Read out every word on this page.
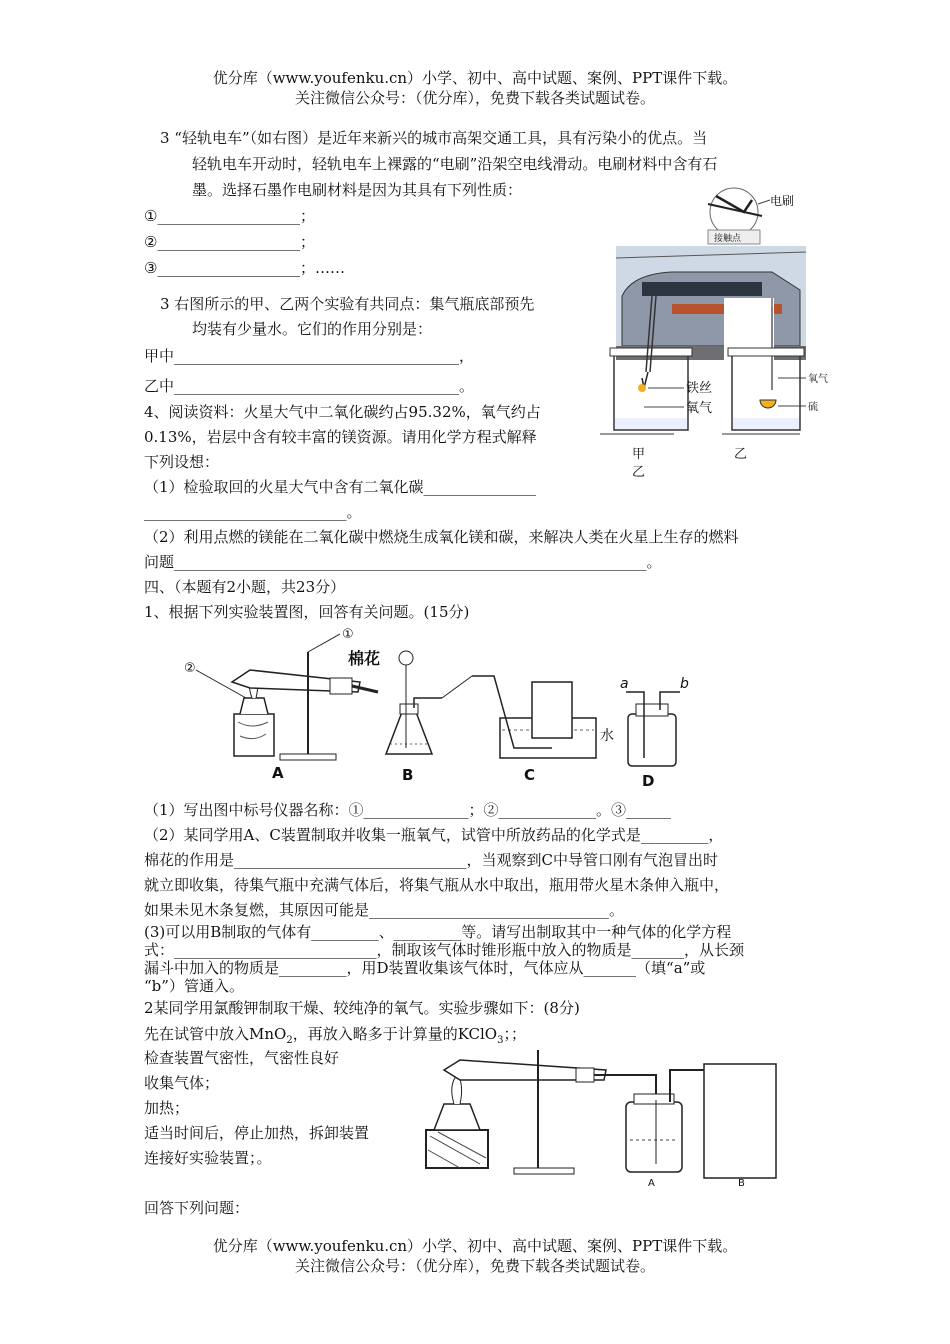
优分库（www.youfenku.cn）小学、初中、高中试题、案例、PPT课件下载。
关注微信公众号：（优分库），免费下载各类试题试卷。
3 “轻轨电车”（如右图）是近年来新兴的城市高架交通工具，具有污染小的优点。当
轻轨电车开动时，轻轨电车上裸露的“电刷”沿架空电线滑动。电刷材料中含有石
墨。选择石墨作电刷材料是因为其具有下列性质：
①___________________；
②___________________；
③___________________；……
电刷
接触点
3 右图所示的甲、乙两个实验有共同点：集气瓶底部预先
均装有少量水。它们的作用分别是：
甲中______________________________________，
乙中______________________________________。	铁丝
氧气
甲
乙
氧气
硫
乙
4、阅读资料：火星大气中二氧化碳约占95.32%，氧气约占
0.13%，岩层中含有较丰富的镁资源。请用化学方程式解释
下列设想：
（1）检验取回的火星大气中含有二氧化碳_______________
___________________________。
（2）利用点燃的镁能在二氧化碳中燃烧生成氧化镁和碳，来解决人类在火星上生存的燃料
问题_______________________________________________________________。
四、（本题有2小题，共23分）
1、根据下列实验装置图，回答有关问题。(15分)
①
棉花
②
A	B
水
C
a	b
D
（1）写出图中标号仪器名称：①______________；②_____________。③______
（2）某同学用A、C装置制取并收集一瓶氧气，试管中所放药品的化学式是_________，
棉花的作用是_______________________________，当观察到C中导管口刚有气泡冒出时
就立即收集，待集气瓶中充满气体后，将集气瓶从水中取出，瓶用带火星木条伸入瓶中，
如果未见木条复燃，其原因可能是________________________________。
(3)可以用B制取的气体有_________、_________等。请写出制取其中一种气体的化学方程
式：___________________________，制取该气体时锥形瓶中放入的物质是_______，从长颈
漏斗中加入的物质是_________，用D装置收集该气体时，气体应从_______（填“a”或
“b”）管通入。
2某同学用氯酸钾制取干燥、较纯净的氧气。实验步骤如下：(8分)
先在试管中放入MnO$_2$，再放入略多于计算量的KClO$_3$；；
检查装置气密性，气密性良好
收集气体；
加热；
适当时间后，停止加热，拆卸装置
连接好实验装置；。
回答下列问题：
A	B
优分库（www.youfenku.cn）小学、初中、高中试题、案例、PPT课件下载。
关注微信公众号：（优分库），免费下载各类试题试卷。
